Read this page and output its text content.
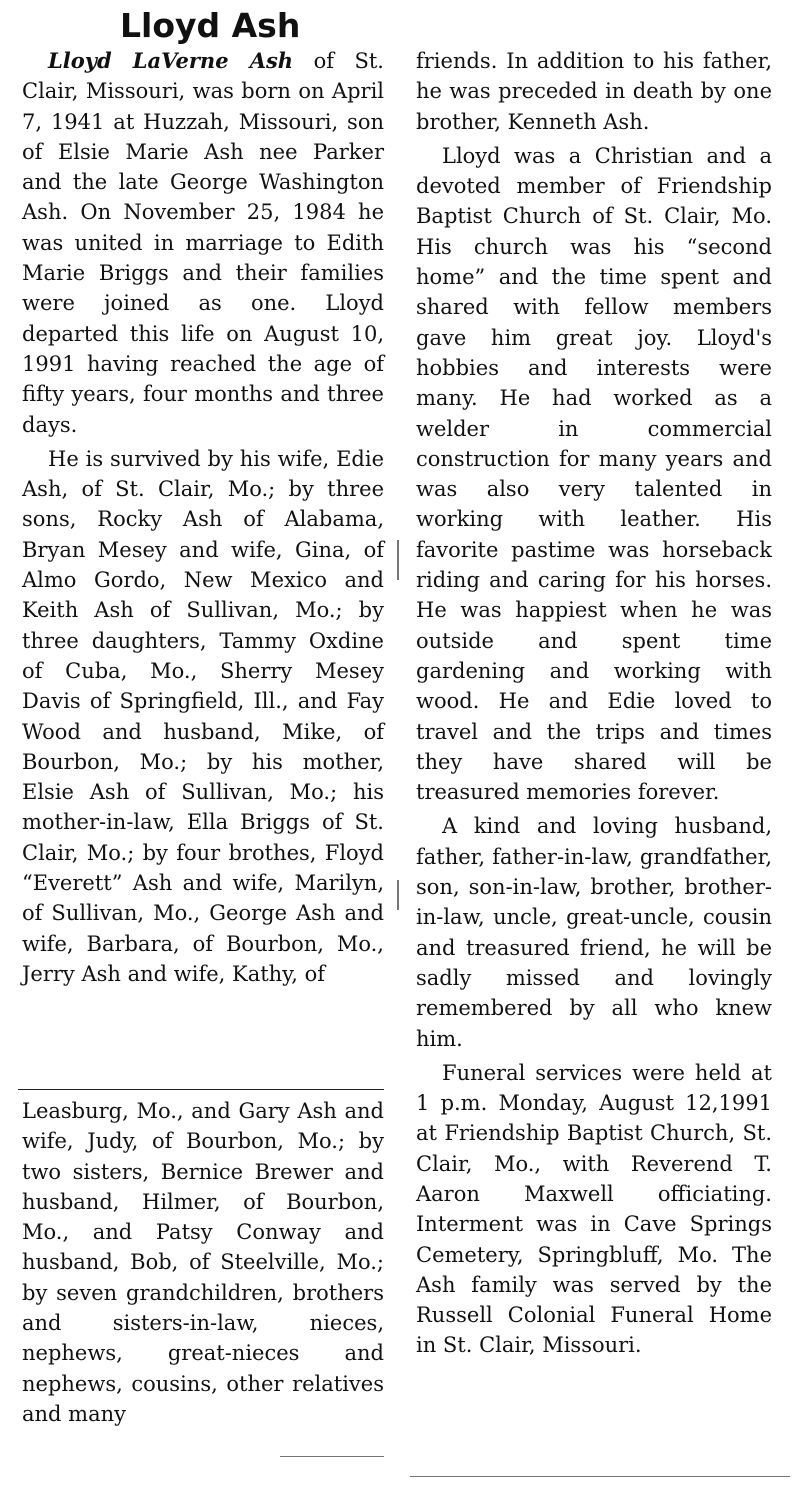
Lloyd Ash

Lloyd LaVerne Ash of St. Clair, Missouri, was born on April 7, 1941 at Huzzah, Missouri, son of Elsie Marie Ash nee Parker and the late George Washington Ash. On November 25, 1984 he was united in marriage to Edith Marie Briggs and their families were joined as one. Lloyd departed this life on August 10, 1991 having reached the age of fifty years, four months and three days.

He is survived by his wife, Edie Ash, of St. Clair, Mo.; by three sons, Rocky Ash of Alabama, Bryan Mesey and wife, Gina, of Almo Gordo, New Mexico and Keith Ash of Sullivan, Mo.; by three daughters, Tammy Oxdine of Cuba, Mo., Sherry Mesey Davis of Springfield, Ill., and Fay Wood and husband, Mike, of Bourbon, Mo.; by his mother, Elsie Ash of Sullivan, Mo.; his mother-in-law, Ella Briggs of St. Clair, Mo.; by four brothes, Floyd “Everett” Ash and wife, Marilyn, of Sullivan, Mo., George Ash and wife, Barbara, of Bourbon, Mo., Jerry Ash and wife, Kathy, of

Leasburg, Mo., and Gary Ash and wife, Judy, of Bourbon, Mo.; by two sisters, Bernice Brewer and husband, Hilmer, of Bourbon, Mo., and Patsy Conway and husband, Bob, of Steelville, Mo.; by seven grandchildren, brothers and sisters-in-law, nieces, nephews, great-nieces and nephews, cousins, other relatives and many

friends. In addition to his father, he was preceded in death by one brother, Kenneth Ash.

Lloyd was a Christian and a devoted member of Friendship Baptist Church of St. Clair, Mo. His church was his “second home” and the time spent and shared with fellow members gave him great joy. Lloyd's hobbies and interests were many. He had worked as a welder in commercial construction for many years and was also very talented in working with leather. His favorite pastime was horseback riding and caring for his horses. He was happiest when he was outside and spent time gardening and working with wood. He and Edie loved to travel and the trips and times they have shared will be treasured memories forever.

A kind and loving husband, father, father-in-law, grandfather, son, son-in-law, brother, brother-in-law, uncle, great-uncle, cousin and treasured friend, he will be sadly missed and lovingly remembered by all who knew him.

Funeral services were held at 1 p.m. Monday, August 12,1991 at Friendship Baptist Church, St. Clair, Mo., with Reverend T. Aaron Maxwell officiating. Interment was in Cave Springs Cemetery, Springbluff, Mo. The Ash family was served by the Russell Colonial Funeral Home in St. Clair, Missouri.
